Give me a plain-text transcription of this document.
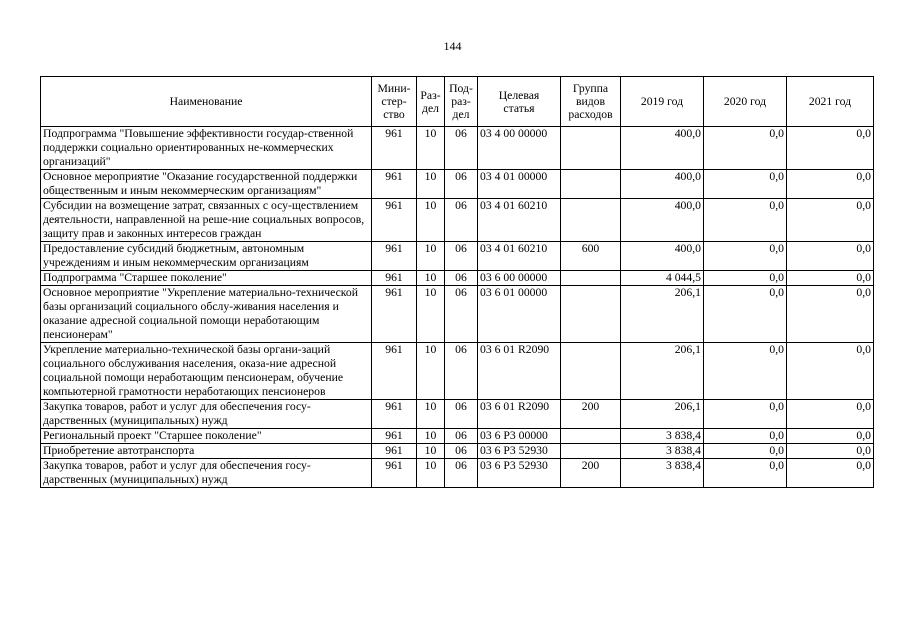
144
Наименование	Мини-
стер-
ство	Раз-
дел	Под-
раз-
дел	Целевая
статья	Группа
видов
расходов	2019 год	2020 год	2021 год
Подпрограмма "Повышение эффективности государ-ственной поддержки социально ориентированных не-коммерческих организаций"	961	10	06	03 4 00 00000		400,0	0,0	0,0
Основное мероприятие "Оказание государственной поддержки общественным и иным некоммерческим организациям"	961	10	06	03 4 01 00000		400,0	0,0	0,0
Субсидии на возмещение затрат, связанных с осу-ществлением деятельности, направленной на реше-ние социальных вопросов, защиту прав и законных интересов граждан	961	10	06	03 4 01 60210		400,0	0,0	0,0
Предоставление субсидий бюджетным, автономным учреждениям и иным некоммерческим организациям	961	10	06	03 4 01 60210	600	400,0	0,0	0,0
Подпрограмма "Старшее поколение"	961	10	06	03 6 00 00000		4 044,5	0,0	0,0
Основное мероприятие "Укрепление материально-технической базы организаций социального обслу-живания населения и оказание адресной социальной помощи неработающим пенсионерам"	961	10	06	03 6 01 00000		206,1	0,0	0,0
Укрепление материально-технической базы органи-заций социального обслуживания населения, оказа-ние адресной социальной помощи неработающим пенсионерам, обучение компьютерной грамотности неработающих пенсионеров	961	10	06	03 6 01 R2090		206,1	0,0	0,0
Закупка товаров, работ и услуг для обеспечения госу-дарственных (муниципальных) нужд	961	10	06	03 6 01 R2090	200	206,1	0,0	0,0
Региональный проект "Старшее поколение"	961	10	06	03 6 P3 00000		3 838,4	0,0	0,0
Приобретение автотранспорта	961	10	06	03 6 P3 52930		3 838,4	0,0	0,0
Закупка товаров, работ и услуг для обеспечения госу-дарственных (муниципальных) нужд	961	10	06	03 6 P3 52930	200	3 838,4	0,0	0,0
